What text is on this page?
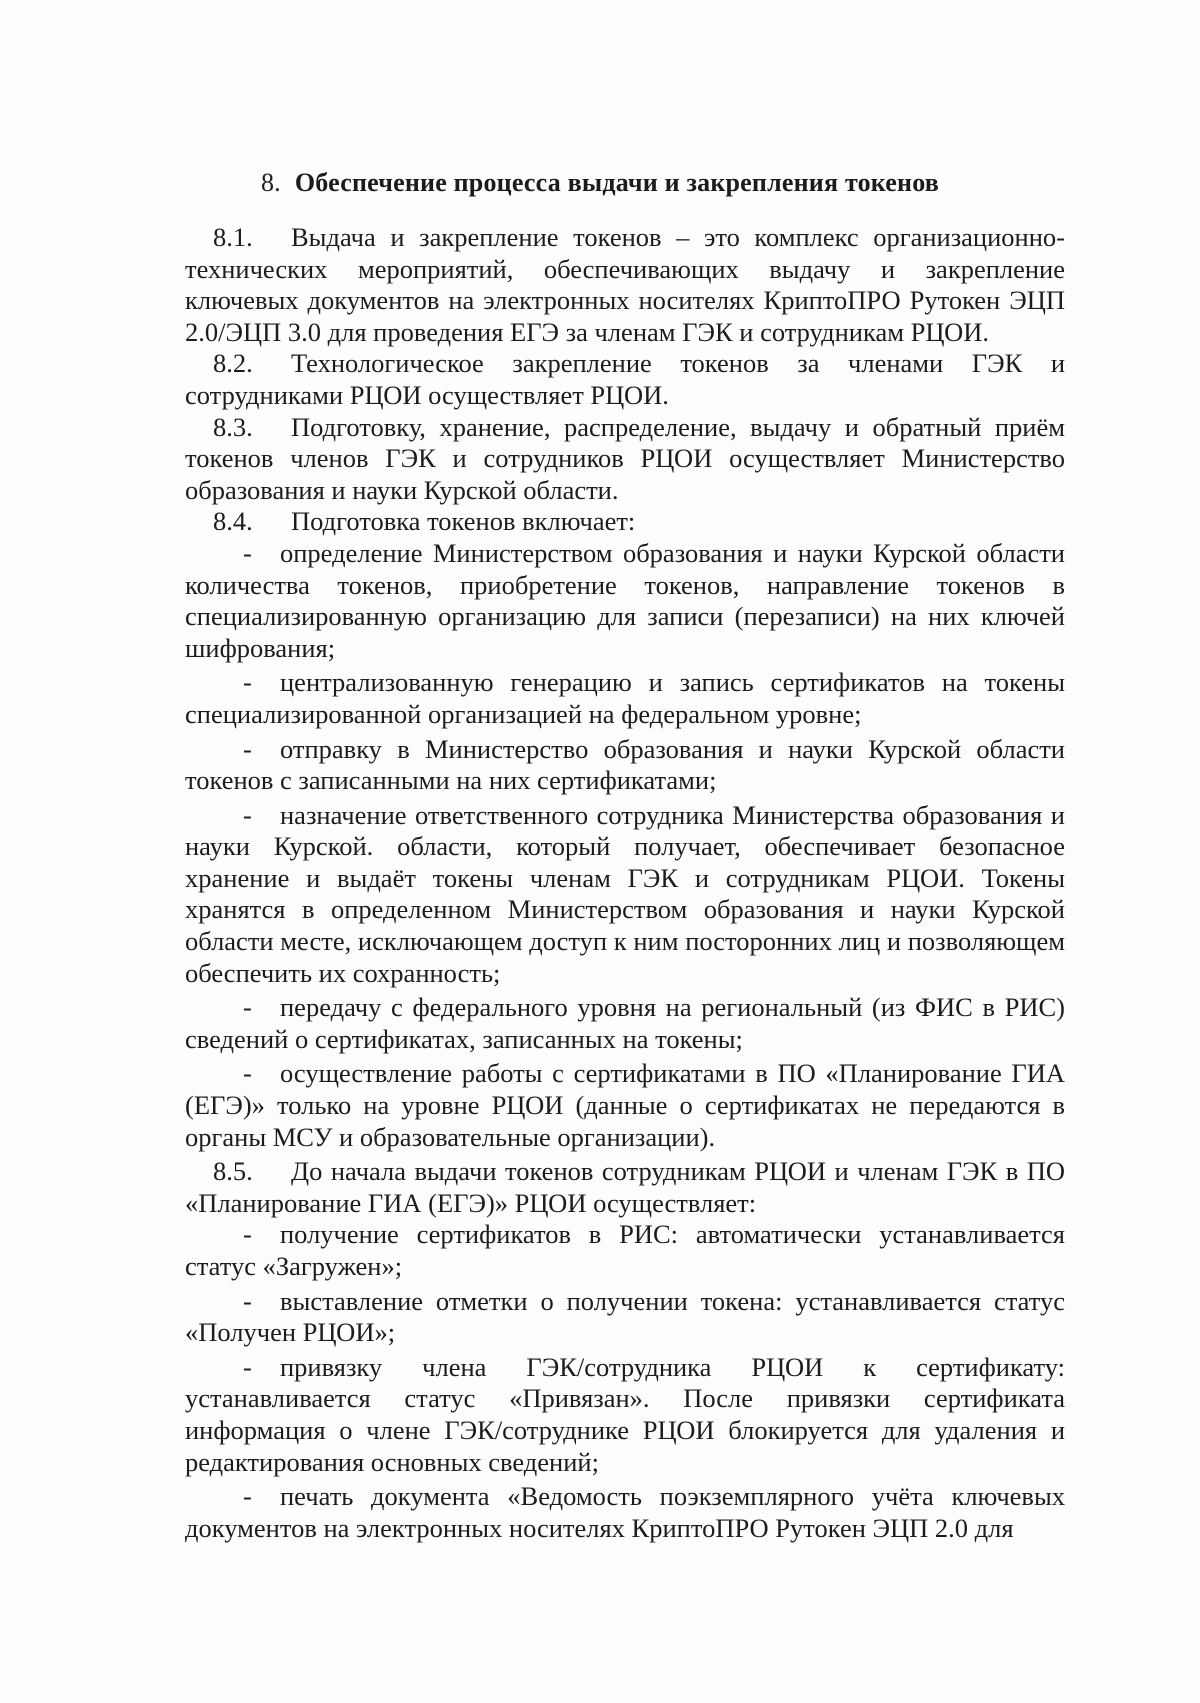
8. Обеспечение процесса выдачи и закрепления токенов

8.1. Выдача и закрепление токенов – это комплекс организационно-технических мероприятий, обеспечивающих выдачу и закрепление ключевых документов на электронных носителях КриптоПРО Рутокен ЭЦП 2.0/ЭЦП 3.0 для проведения ЕГЭ за членам ГЭК и сотрудникам РЦОИ.

8.2. Технологическое закрепление токенов за членами ГЭК и сотрудниками РЦОИ осуществляет РЦОИ.

8.3. Подготовку, хранение, распределение, выдачу и обратный приём токенов членов ГЭК и сотрудников РЦОИ осуществляет Министерство образования и науки Курской области.

8.4. Подготовка токенов включает:

- определение Министерством образования и науки Курской области количества токенов, приобретение токенов, направление токенов в специализированную организацию для записи (перезаписи) на них ключей шифрования;

- централизованную генерацию и запись сертификатов на токены специализированной организацией на федеральном уровне;

- отправку в Министерство образования и науки Курской области токенов с записанными на них сертификатами;

- назначение ответственного сотрудника Министерства образования и науки Курской. области, который получает, обеспечивает безопасное хранение и выдаёт токены членам ГЭК и сотрудникам РЦОИ. Токены хранятся в определенном Министерством образования и науки Курской области месте, исключающем доступ к ним посторонних лиц и позволяющем обеспечить их сохранность;

- передачу с федерального уровня на региональный (из ФИС в РИС) сведений о сертификатах, записанных на токены;

- осуществление работы с сертификатами в ПО «Планирование ГИА (ЕГЭ)» только на уровне РЦОИ (данные о сертификатах не передаются в органы МСУ и образовательные организации).

8.5. До начала выдачи токенов сотрудникам РЦОИ и членам ГЭК в ПО «Планирование ГИА (ЕГЭ)» РЦОИ осуществляет:

- получение сертификатов в РИС: автоматически устанавливается статус «Загружен»;

- выставление отметки о получении токена: устанавливается статус «Получен РЦОИ»;

- привязку члена ГЭК/сотрудника РЦОИ к сертификату: устанавливается статус «Привязан». После привязки сертификата информация о члене ГЭК/сотруднике РЦОИ блокируется для удаления и редактирования основных сведений;

- печать документа «Ведомость поэкземплярного учёта ключевых документов на электронных носителях КриптоПРО Рутокен ЭЦП 2.0 для
